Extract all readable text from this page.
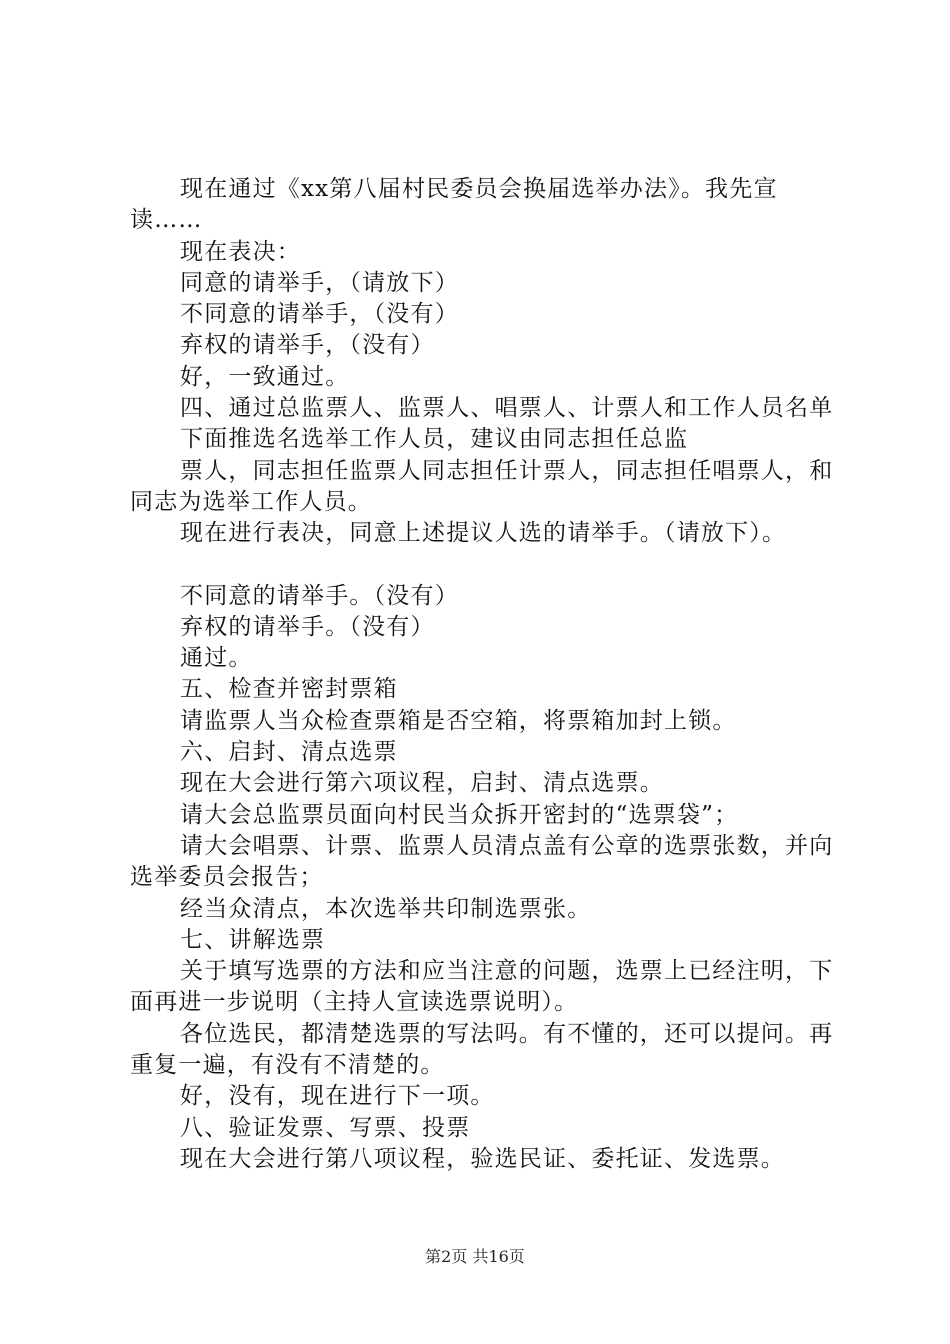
现在通过《xx第八届村民委员会换届选举办法》。我先宣读……

现在表决：

同意的请举手，（请放下）

不同意的请举手，（没有）

弃权的请举手，（没有）

好，一致通过。

四、通过总监票人、监票人、唱票人、计票人和工作人员名单

下面推选名选举工作人员，建议由同志担任总监

票人，同志担任监票人同志担任计票人，同志担任唱票人，和同志为选举工作人员。

现在进行表决，同意上述提议人选的请举手。（请放下）。

不同意的请举手。（没有）

弃权的请举手。（没有）

通过。

五、检查并密封票箱

请监票人当众检查票箱是否空箱，将票箱加封上锁。

六、启封、清点选票

现在大会进行第六项议程，启封、清点选票。

请大会总监票员面向村民当众拆开密封的“选票袋”；

请大会唱票、计票、监票人员清点盖有公章的选票张数，并向选举委员会报告；

经当众清点，本次选举共印制选票张。

七、讲解选票

关于填写选票的方法和应当注意的问题，选票上已经注明，下面再进一步说明（主持人宣读选票说明）。

各位选民，都清楚选票的写法吗。有不懂的，还可以提问。再重复一遍，有没有不清楚的。

好，没有，现在进行下一项。

八、验证发票、写票、投票

现在大会进行第八项议程，验选民证、委托证、发选票。

第2页 共16页
